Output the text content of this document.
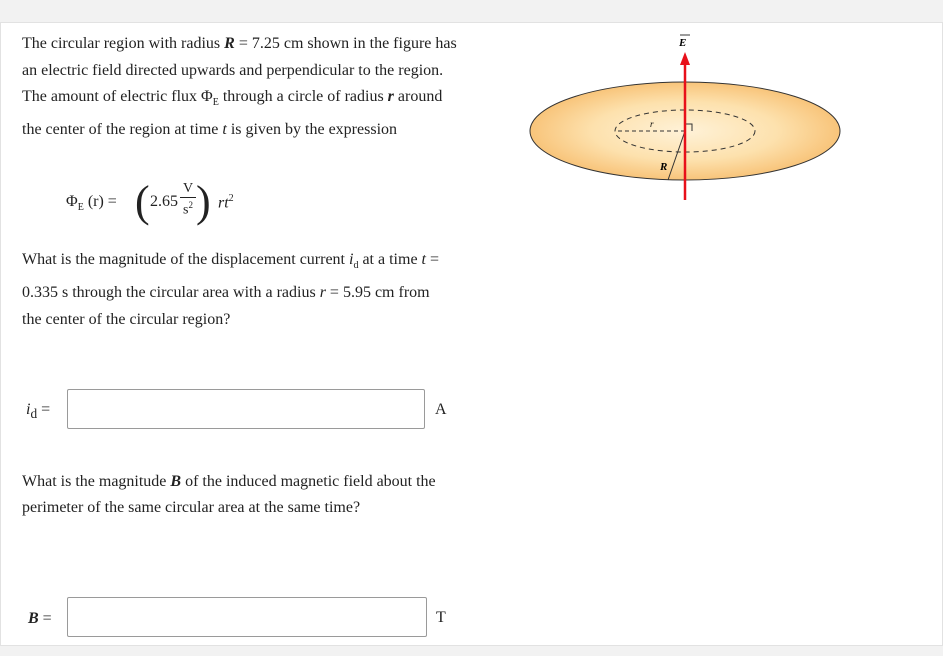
The circular region with radius R = 7.25 cm shown in the figure has an electric field directed upwards and perpendicular to the region. The amount of electric flux $\Phi_E$ through a circle of radius r around the center of the region at time t is given by the expression
$\Phi_E$ (r) = ( $2.65 \frac{V}{s^2}$ ) $rt^2$
What is the magnitude of the displacement current $i_d$ at a time t = 0.335 s through the circular area with a radius r = 5.95 cm from the center of the circular region?
$i_d$ =	A
What is the magnitude B of the induced magnetic field about the perimeter of the same circular area at the same time?
B =	T
E
r
R
